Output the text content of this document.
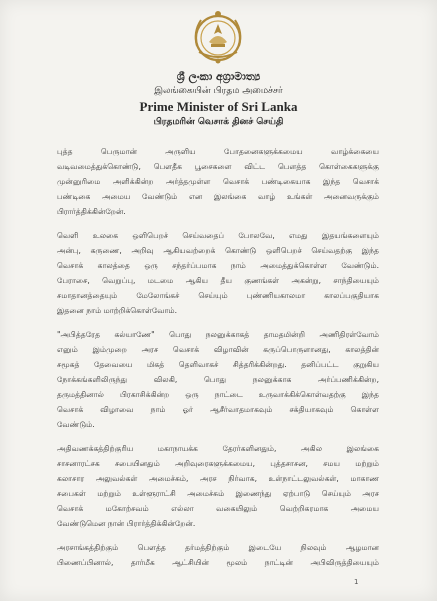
ශ්‍රී ලංකා අග්‍රාමාත්‍ය
இலங்கையின் பிரதம அமைச்சர்
Prime Minister of Sri Lanka
பிரதமரின் வெசாக் தினச் செய்தி
புத்த பெருமான் அருளிய போதனைகளுக்கமைய வாழ்க்கையை
வடிவமைத்துக்கொண்டு, பௌதீக பூசைகளை விட்ட பௌத்த கொள்கைகளுக்கு
முன்னுரிமை அளிக்கின்ற அர்த்தமுள்ள வெசாக் பண்டிகையாக இந்த வெசாக்
பண்டிகை அமைய வேண்டும் என இலங்கை வாழ் உங்கள் அனைவருக்கும்
பிரார்த்திக்கின்றேன்.
வெளி உலகை ஒளிபெறச் செய்வதைப் போலவே, எமது இதயங்களையும்
அன்பு, கருணை, அறிவு ஆகியவற்றைக் கொண்டு ஒளிபெறச் செய்வதற்கு இந்த
வெசாக் காலத்தை ஒரு சந்தர்ப்பமாக நாம் அமைத்துக்கொள்ள வேண்டும்.
பேராசை, வெறுப்பு, மடமை ஆகிய தீய குணங்கள் அகன்று, சாந்தியையும்
சமாதானத்தையும் மேலோங்கச் செய்யும் புண்ணியகாலமா காலப்பகுதியாக
இதனை நாம் மாற்றிக்கொள்வோம்.
"அபித்தரேத கல்யாணே" பொது நலனுக்காகத் தாமதமின்றி அணிதிரள்வோம்
எனும் இம்முறை அரச வெசாக் விழாவின் கருப்பொருளானது, காலத்தின்
சமூகத் தேவையை மிகத் தெளிவாகச் சித்தரிக்கின்றது. தனிப்பட்ட குறுகிய
நோக்கங்களிலிருந்து விலகி, பொது நலனுக்காக அர்ப்பணிக்கின்ற,
தருமத்தினால் பிரகாசிக்கின்ற ஒரு நாட்டை உருவாக்கிக்கொள்வதற்கு இந்த
வெசாக் விழாவை நாம் ஓர் ஆசீர்வாதமாகவும் சக்தியாகவும் கொள்ள
வேண்டும்.
அதிவணக்கத்திற்குரிய மகாநாயக்க தேரர்களினதும், அகில இலங்கை
சாசனாரட்சக சபையினதும் அறிவுரைகளுக்கமைய, புத்தசாசன, சமய மற்றும்
கலாசார அலுவல்கள் அமைச்சும், அரச நிர்வாக, உள்நாட்டலுவல்கள், மாகாண
சபைகள் மற்றும் உள்ளூராட்சி அமைச்சும் இணைந்து ஏற்பாடு செய்யும் அரச
வெசாக் மகோற்சவம் எல்லா வகையிலும் வெற்றிகரமாக அமைய
வேண்டுமென நான் பிரார்த்திக்கின்றேன்.
அரசாங்கத்திற்கும் பௌத்த தர்மத்திற்கும் இடையே நிலவும் ஆழமான
பிணைப்பினால், தார்மீக ஆட்சியின் மூலம் நாட்டின் அபிவிருத்தியையும்
1
